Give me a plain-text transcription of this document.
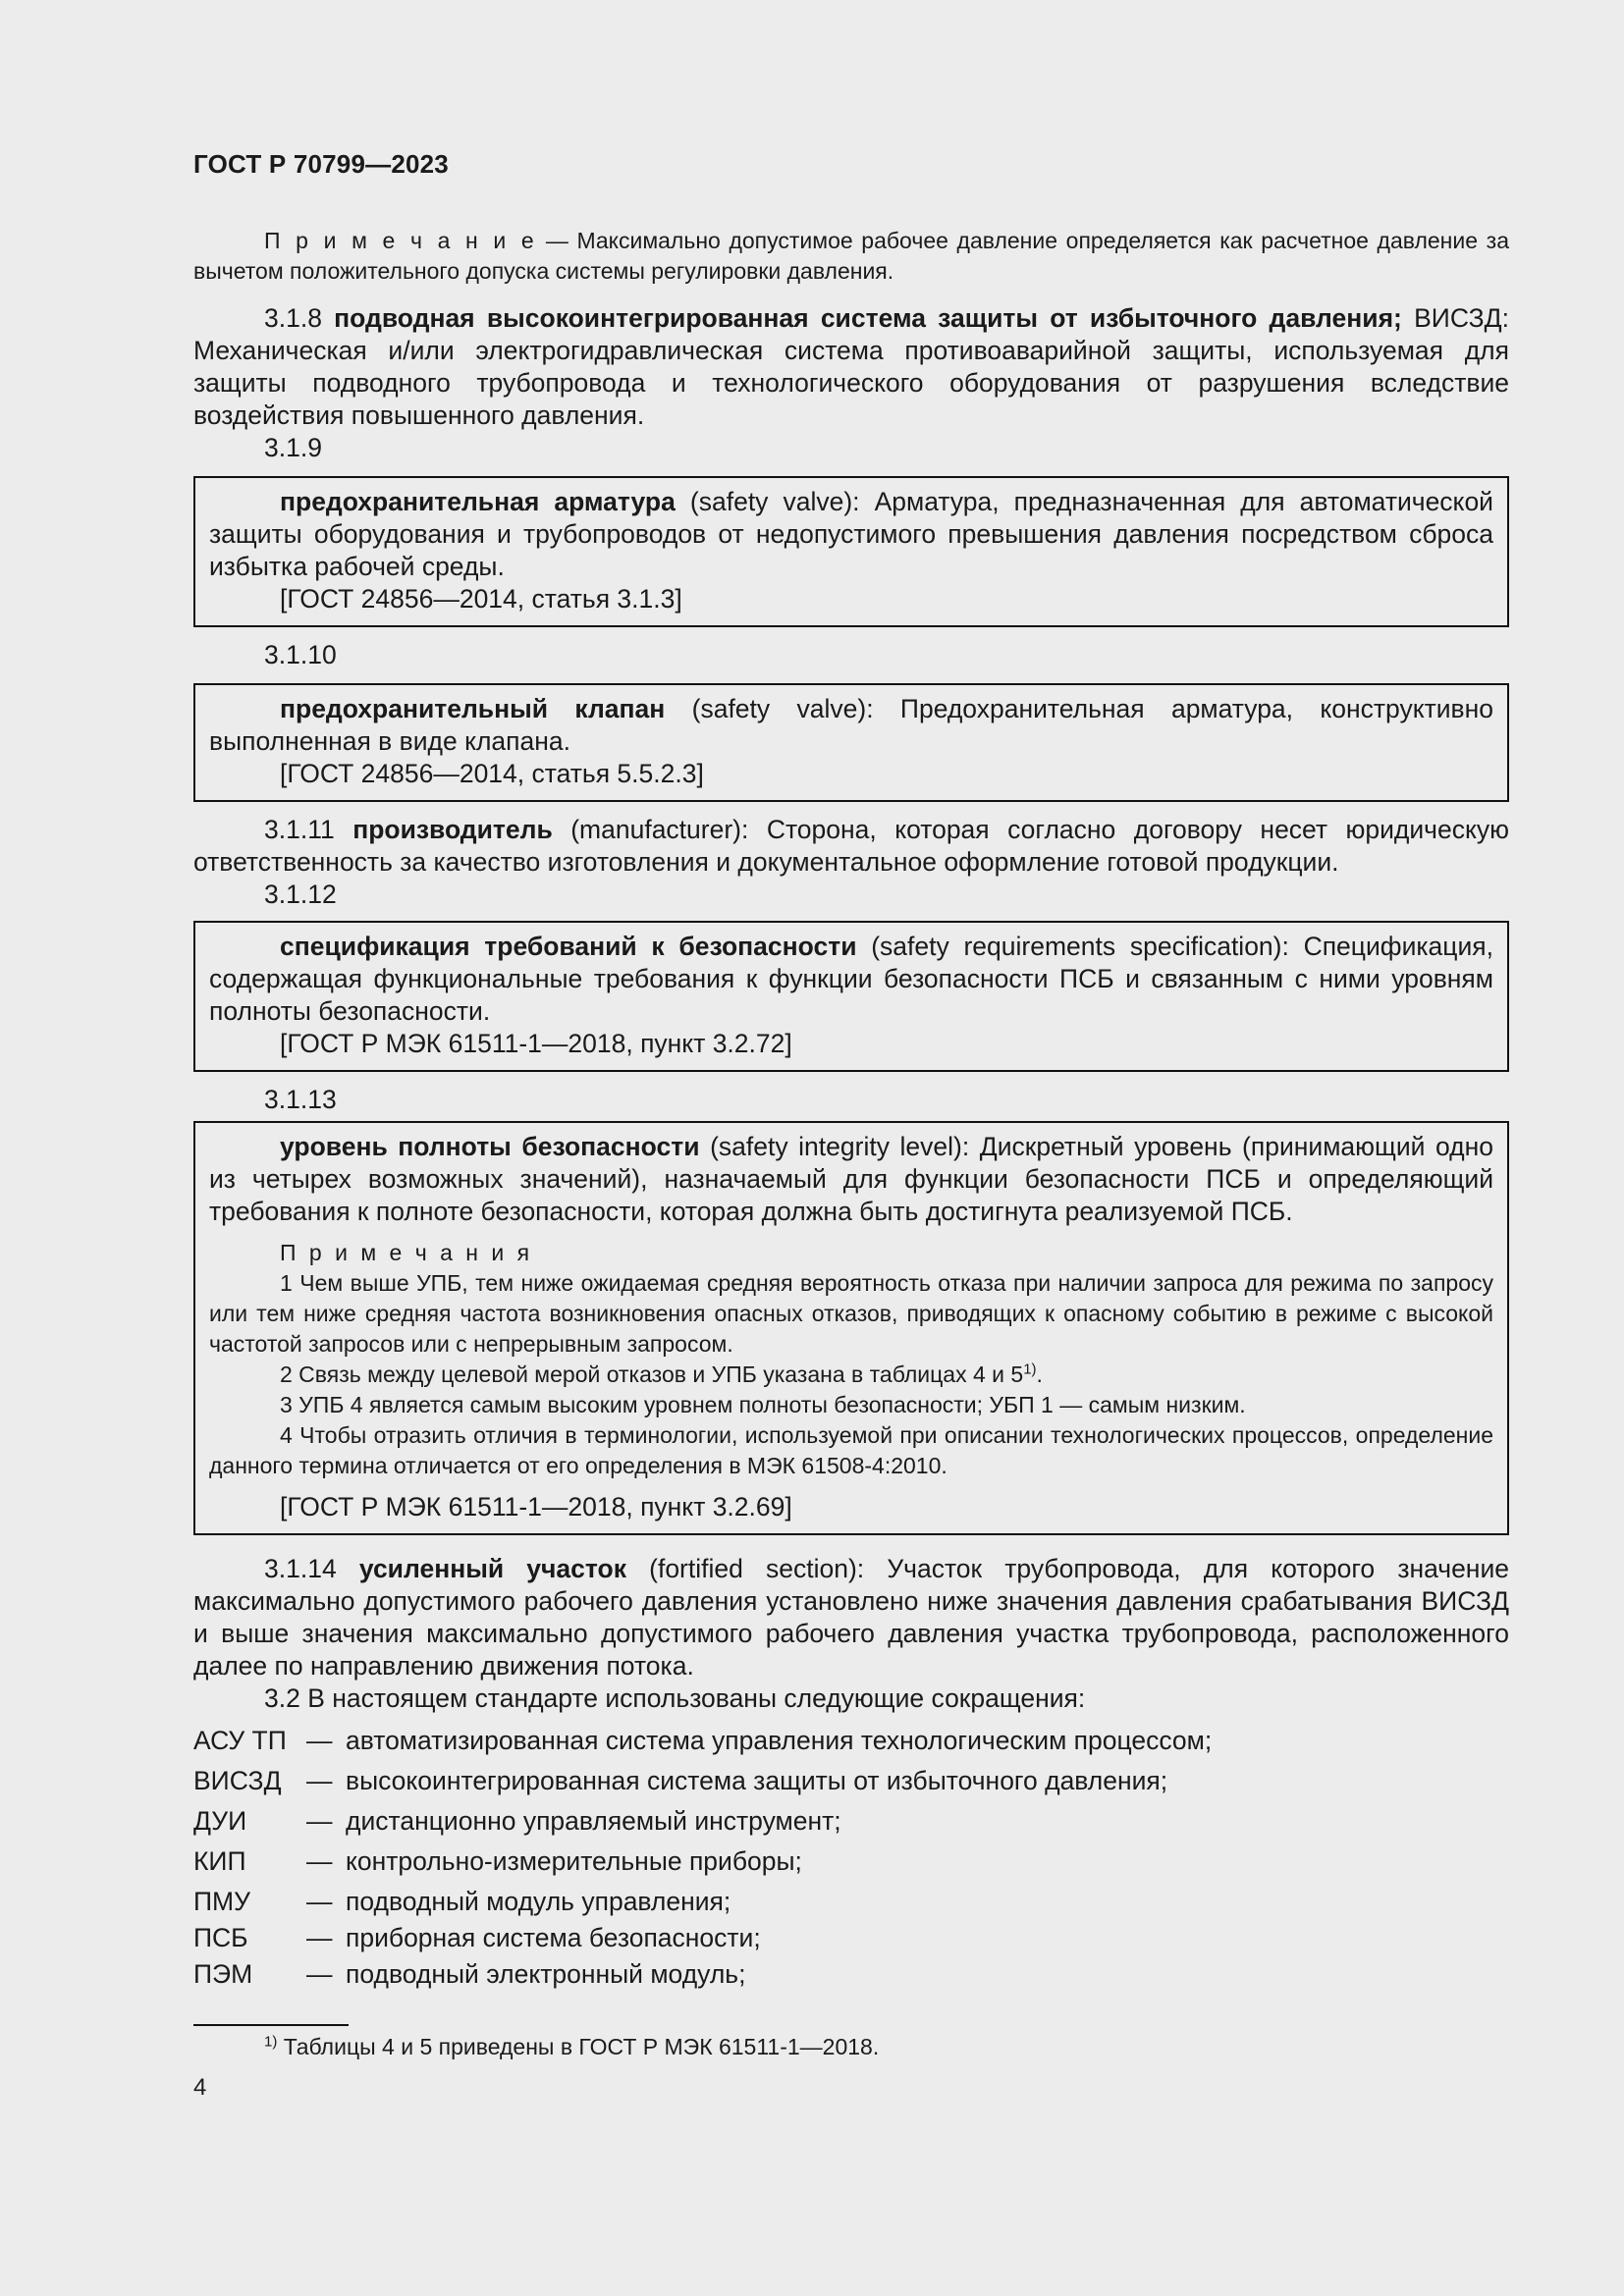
ГОСТ Р 70799—2023

П р и м е ч а н и е — Максимально допустимое рабочее давление определяется как расчетное давление за вычетом положительного допуска системы регулировки давления.

3.1.8 подводная высокоинтегрированная система защиты от избыточного давления; ВИСЗД: Механическая и/или электрогидравлическая система противоаварийной защиты, используемая для защиты подводного трубопровода и технологического оборудования от разрушения вследствие воздействия повышенного давления.

3.1.9

предохранительная арматура (safety valve): Арматура, предназначенная для автоматической защиты оборудования и трубопроводов от недопустимого превышения давления посредством сброса избытка рабочей среды.

[ГОСТ 24856—2014, статья 3.1.3]

3.1.10

предохранительный клапан (safety valve): Предохранительная арматура, конструктивно выполненная в виде клапана.

[ГОСТ 24856—2014, статья 5.5.2.3]

3.1.11 производитель (manufacturer): Сторона, которая согласно договору несет юридическую ответственность за качество изготовления и документальное оформление готовой продукции.

3.1.12

спецификация требований к безопасности (safety requirements specification): Спецификация, содержащая функциональные требования к функции безопасности ПСБ и связанным с ними уровням полноты безопасности.

[ГОСТ Р МЭК 61511-1—2018, пункт 3.2.72]

3.1.13

уровень полноты безопасности (safety integrity level): Дискретный уровень (принимающий одно из четырех возможных значений), назначаемый для функции безопасности ПСБ и определяющий требования к полноте безопасности, которая должна быть достигнута реализуемой ПСБ.

П р и м е ч а н и я

1 Чем выше УПБ, тем ниже ожидаемая средняя вероятность отказа при наличии запроса для режима по запросу или тем ниже средняя частота возникновения опасных отказов, приводящих к опасному событию в режиме с высокой частотой запросов или с непрерывным запросом.

2 Связь между целевой мерой отказов и УПБ указана в таблицах 4 и 5$^{1)}$.

3 УПБ 4 является самым высоким уровнем полноты безопасности; УБП 1 — самым низким.

4 Чтобы отразить отличия в терминологии, используемой при описании технологических процессов, определение данного термина отличается от его определения в МЭК 61508-4:2010.

[ГОСТ Р МЭК 61511-1—2018, пункт 3.2.69]

3.1.14 усиленный участок (fortified section): Участок трубопровода, для которого значение максимально допустимого рабочего давления установлено ниже значения давления срабатывания ВИСЗД и выше значения максимально допустимого рабочего давления участка трубопровода, расположенного далее по направлению движения потока.

3.2 В настоящем стандарте использованы следующие сокращения:

АСУ ТП — автоматизированная система управления технологическим процессом;
ВИСЗД — высокоинтегрированная система защиты от избыточного давления;
ДУИ	— дистанционно управляемый инструмент;
КИП	— контрольно-измерительные приборы;
ПМУ	— подводный модуль управления;
ПСБ	— приборная система безопасности;
ПЭМ	— подводный электронный модуль;
$^{1)}$ Таблицы 4 и 5 приведены в ГОСТ Р МЭК 61511-1—2018.
4
